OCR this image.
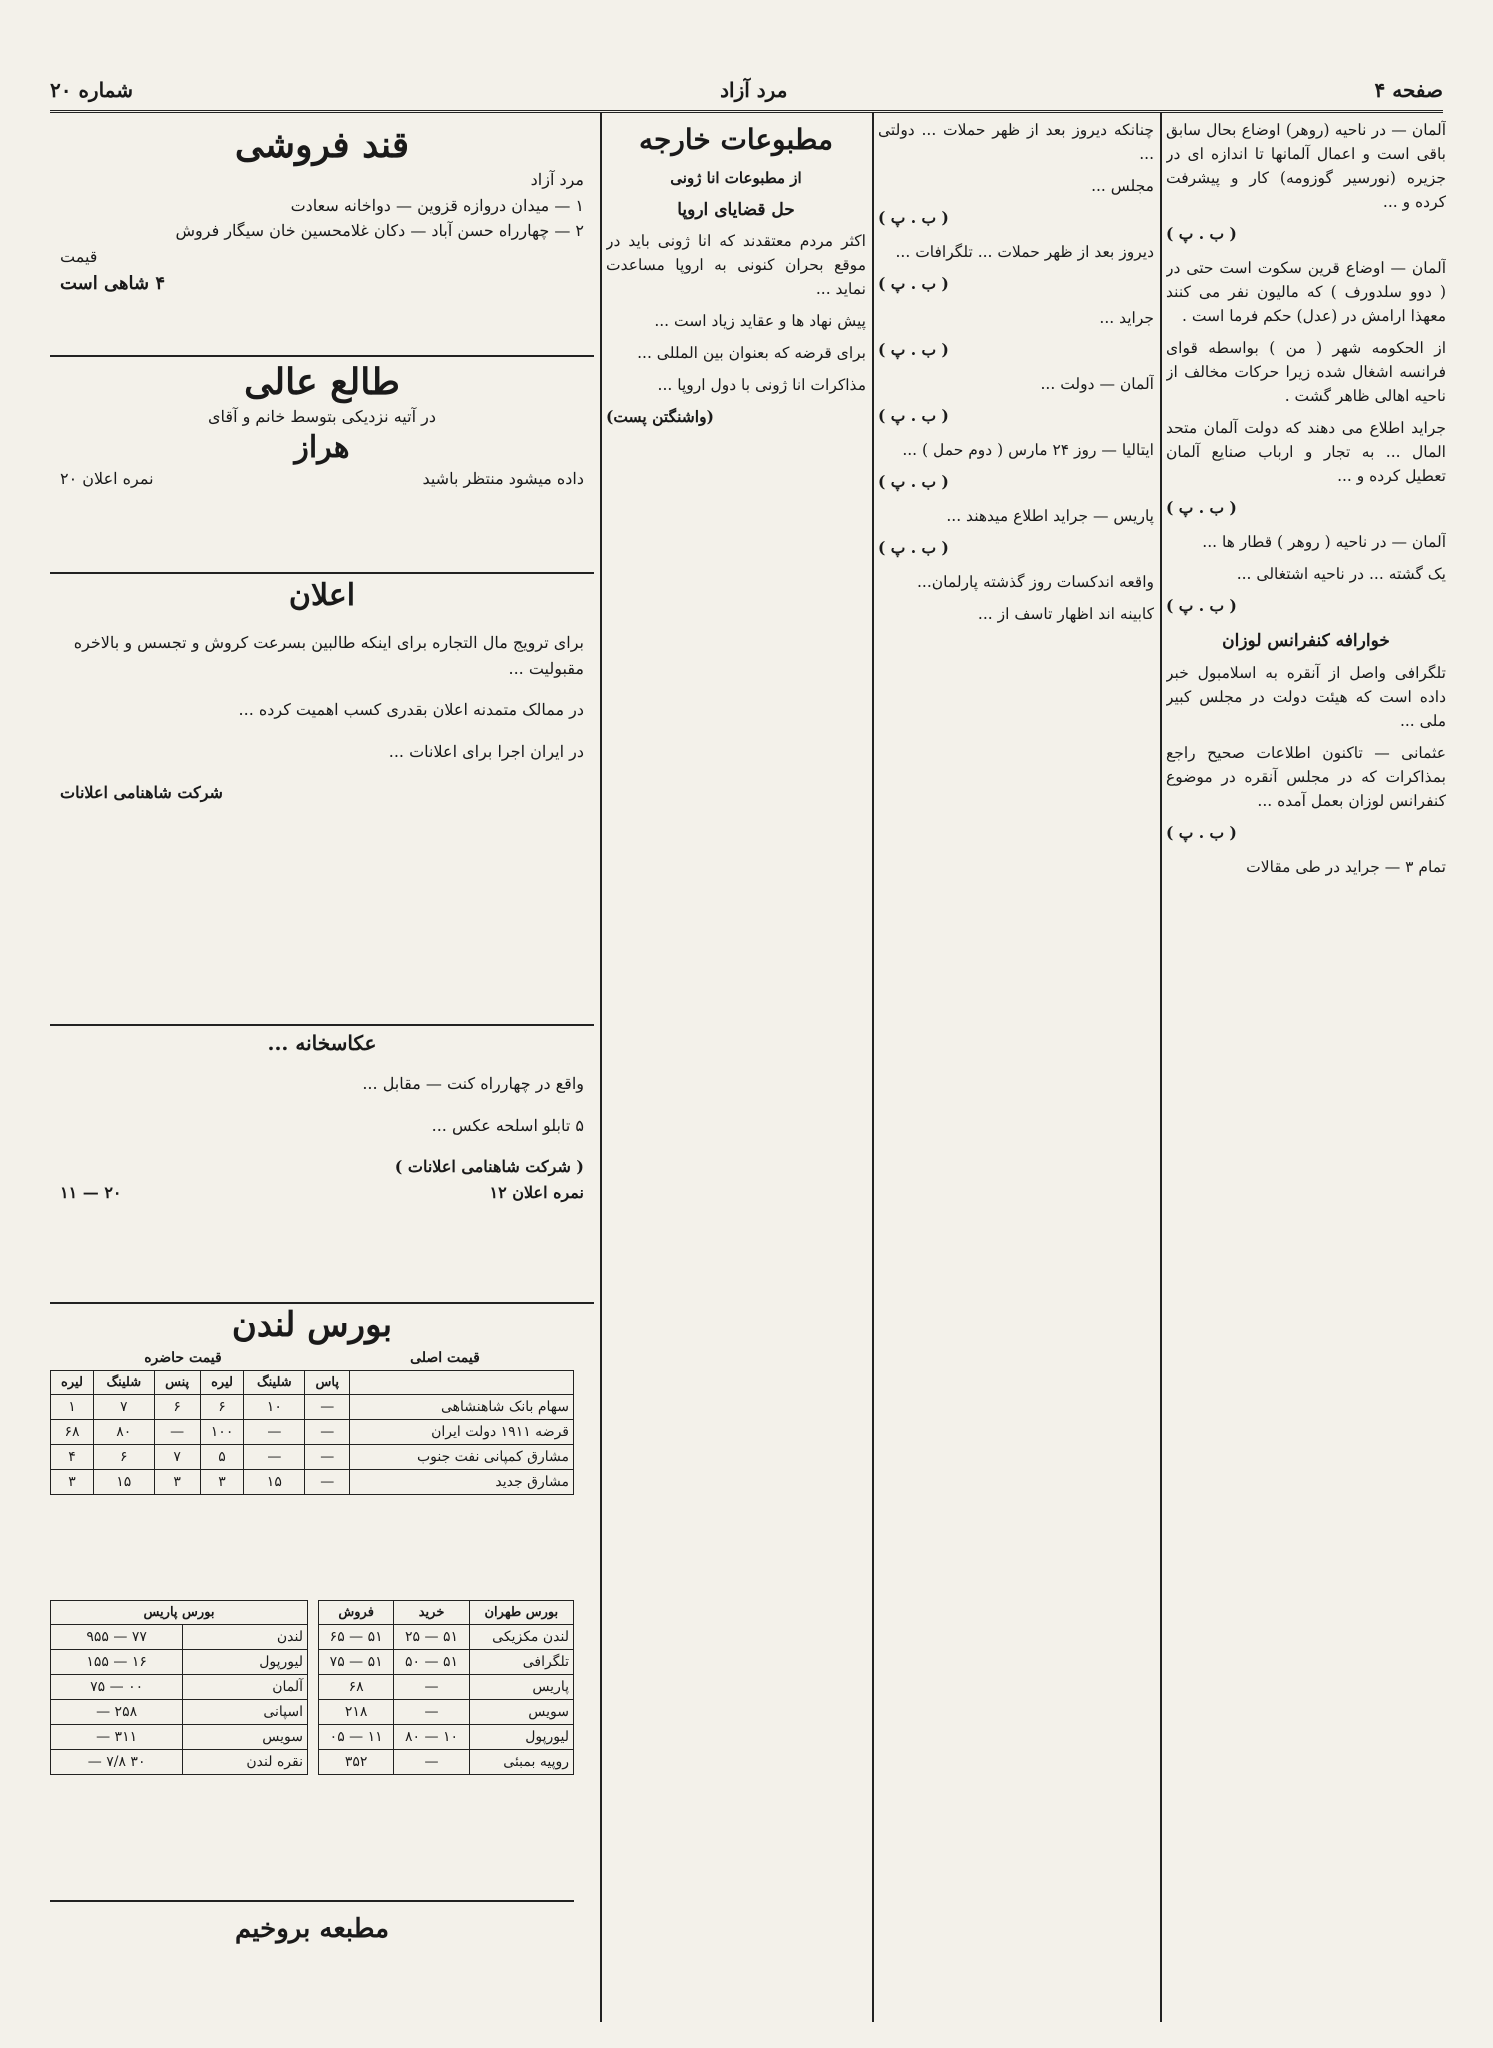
صفحه ۴
مرد آزاد
شماره ۲۰

آلمان — در ناحیه (روهر) اوضاع بحال سابق باقی است و اعمال آلمانها تا اندازه ای در جزیره (نورسیر گوزومه) کار و پیشرفت کرده و ...

( ب . پ )

آلمان — اوضاع قرین سکوت است حتی در ( دوو سلدورف ) که مالیون نفر می کنند معهذا ارامش در (عدل) حکم فرما است .

از الحکومه شهر ( من ) بواسطه قوای فرانسه اشغال شده زیرا حرکات مخالف از ناحیه اهالی ظاهر گشت .

جراید اطلاع می دهند که دولت آلمان متحد المال ... به تجار و ارباب صنایع آلمان تعطیل کرده و ...

( ب . پ )

آلمان — در ناحیه ( روهر ) قطار ها ...

یک گشته ... در ناحیه اشتغالی ...

( ب . پ )
خوارافه کنفرانس لوزان

تلگرافی واصل از آنقره به اسلامبول خبر داده است که هیئت دولت در مجلس کبیر ملی ...

عثمانی — تاکنون اطلاعات صحیح راجع بمذاکرات که در مجلس آنقره در موضوع کنفرانس لوزان بعمل آمده ...

( ب . پ )

تمام ۳ — جراید در طی مقالات

چنانکه دیروز بعد از ظهر حملات ... دولتی ...

مجلس ...

( ب . پ )

دیروز بعد از ظهر حملات ... تلگرافات ...

( ب . پ )

جراید ...

( ب . پ )

آلمان — دولت ...

( ب . پ )

ایتالیا — روز ۲۴ مارس ( دوم حمل ) ...

( ب . پ )

پاریس — جراید اطلاع میدهند ...

( ب . پ )

واقعه اندکسات روز گذشته پارلمان...

کابینه اند اظهار تاسف از ...

مطبوعات خارجه
از مطبوعات انا ژونی
حل قضایای اروپا

اکثر مردم معتقدند که انا ژونی باید در موقع بحران کنونی به اروپا مساعدت نماید ...

پیش نهاد ها و عقاید زیاد است ...

برای قرضه که بعنوان بین المللی ...

مذاکرات انا ژونی با دول اروپا ...

(واشنگتن پست)
قند فروشی
مرد آزاد
۱ — میدان دروازه قزوین — دواخانه سعادت
۲ — چهارراه حسن آباد — دکان غلامحسین خان سیگار فروش
قیمت
۴ شاهی است
طالع عالی
در آتیه نزدیکی بتوسط خانم و آقای
هراز
داده میشود منتظر باشید
نمره اعلان ۲۰
اعلان

برای ترویج مال التجاره برای اینکه طالبین بسرعت کروش و تجسس و بالاخره مقبولیت ...

در ممالک متمدنه اعلان بقدری کسب اهمیت کرده ...

در ایران اجرا برای اعلانات ...

شرکت شاهنامی اعلانات

عکاسخانه ...

واقع در چهارراه کنت — مقابل ...

۵ تابلو اسلحه عکس ...

( شرکت شاهنامی اعلانات )
نمره اعلان ۱۲
۲۰ — ۱۱
بورس لندن
قیمت اصلی
قیمت حاضره
	پاس	شلینگ	لیره	پنس	شلینگ	لیره
سهام بانک شاهنشاهی	—	۱۰	۶	۶	۷	۱
قرضه ۱۹۱۱ دولت ایران	—	—	۱۰۰	—	۸۰	۶۸
مشارق کمپانی نفت جنوب	—	—	۵	۷	۶	۴
مشارق جدید	—	۱۵	۳	۳	۱۵	۳
بورس طهران	خرید	فروش
لندن مکزیکی	۵۱ — ۲۵	۵۱ — ۶۵
تلگرافی	۵۱ — ۵۰	۵۱ — ۷۵
پاریس	—	۶۸
سویس	—	۲۱۸
لیورپول	۱۰ — ۸۰	۱۱ — ۰۵
روپیه بمبئی	—	۳۵۲
بورس پاریس	
لندن	۷۷ — ۹۵۵
لیورپول	۱۶ — ۱۵۵
آلمان	۰۰ — ۷۵
اسپانی	۲۵۸ —
سویس	۳۱۱ —
نقره لندن	۳۰ ۷/۸ —
مطبعه بروخیم
